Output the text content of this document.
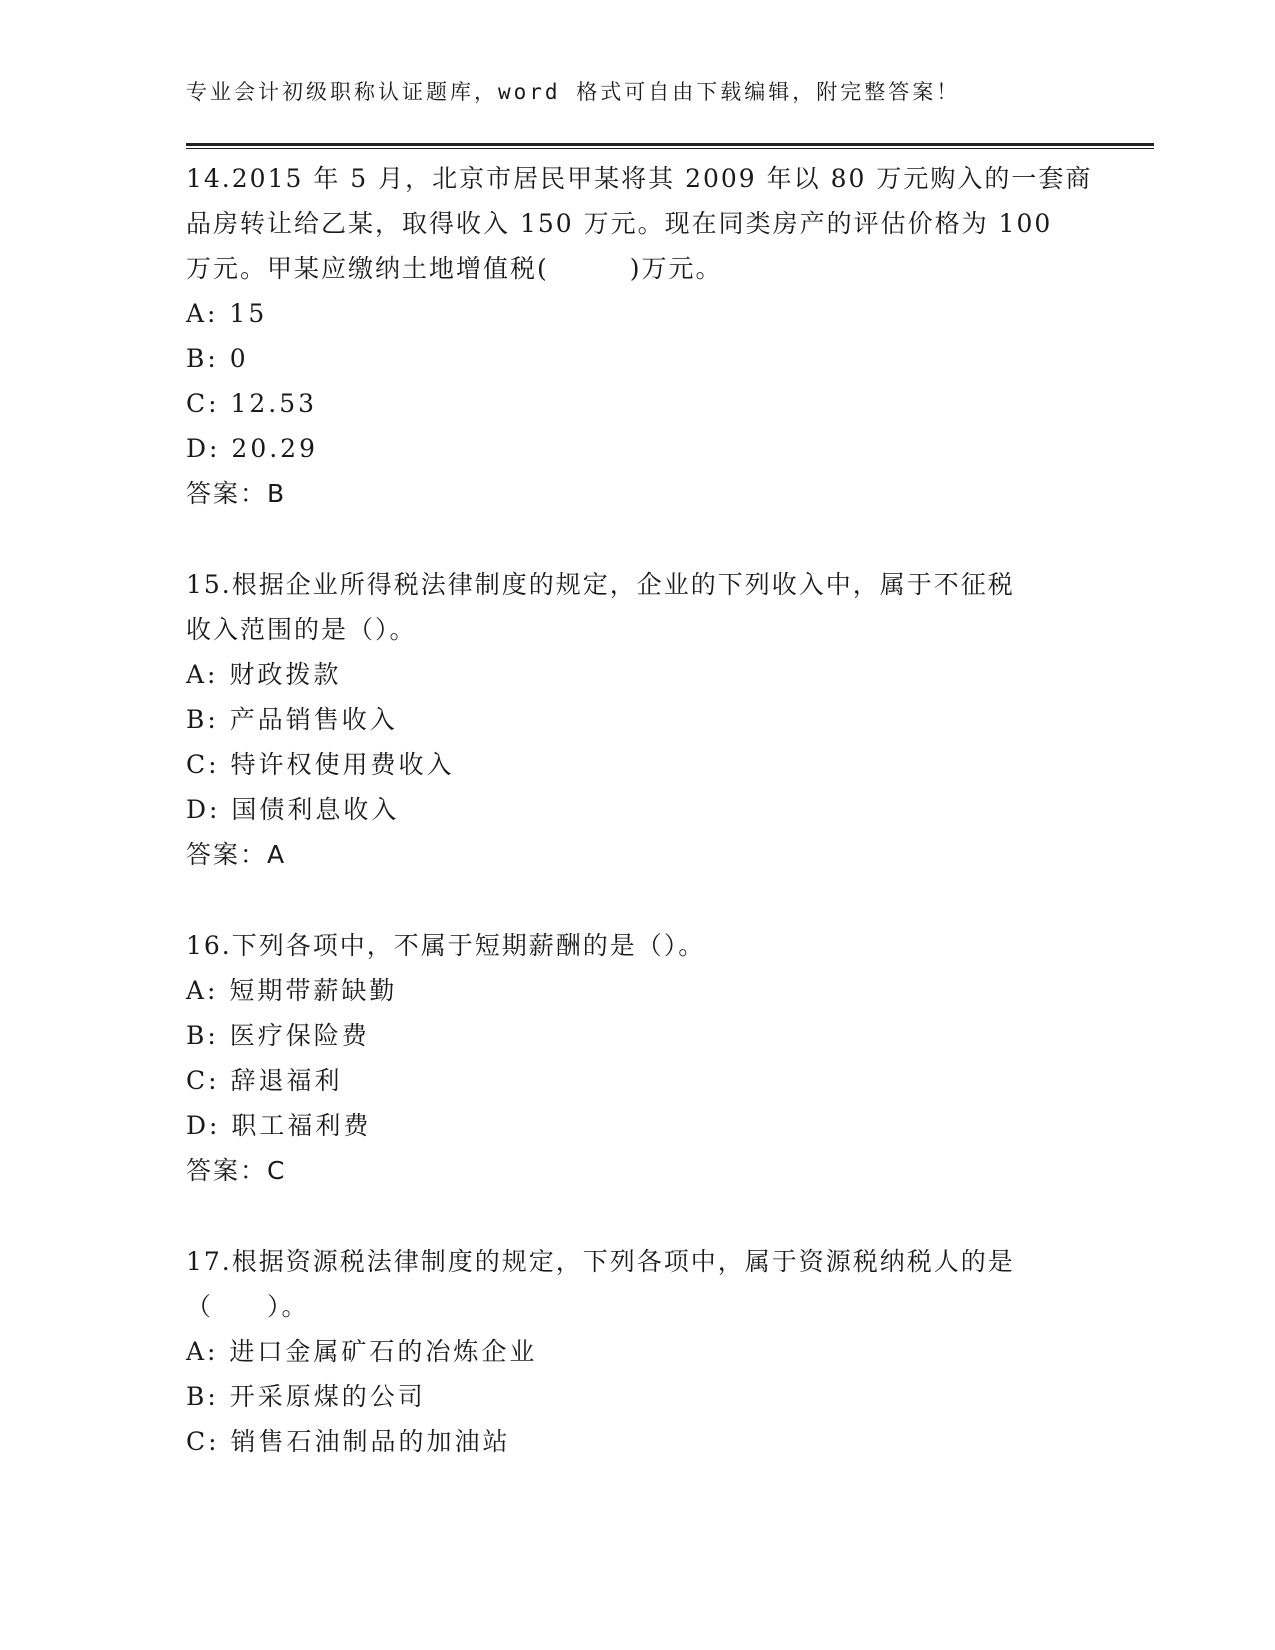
专业会计初级职称认证题库，word 格式可自由下载编辑，附完整答案！
14.2015 年 5 月，北京市居民甲某将其 2009 年以 80 万元购入的一套商
品房转让给乙某，取得收入 150 万元。现在同类房产的评估价格为 100
万元。甲某应缴纳土地增值税(　　　)万元。
A: 15
B: 0
C: 12.53
D: 20.29
答案：B
15.根据企业所得税法律制度的规定，企业的下列收入中，属于不征税
收入范围的是（）。
A: 财政拨款
B: 产品销售收入
C: 特许权使用费收入
D: 国债利息收入
答案：A
16.下列各项中，不属于短期薪酬的是（）。
A: 短期带薪缺勤
B: 医疗保险费
C: 辞退福利
D: 职工福利费
答案：C
17.根据资源税法律制度的规定，下列各项中，属于资源税纳税人的是
（　　）。
A: 进口金属矿石的冶炼企业
B: 开采原煤的公司
C: 销售石油制品的加油站
